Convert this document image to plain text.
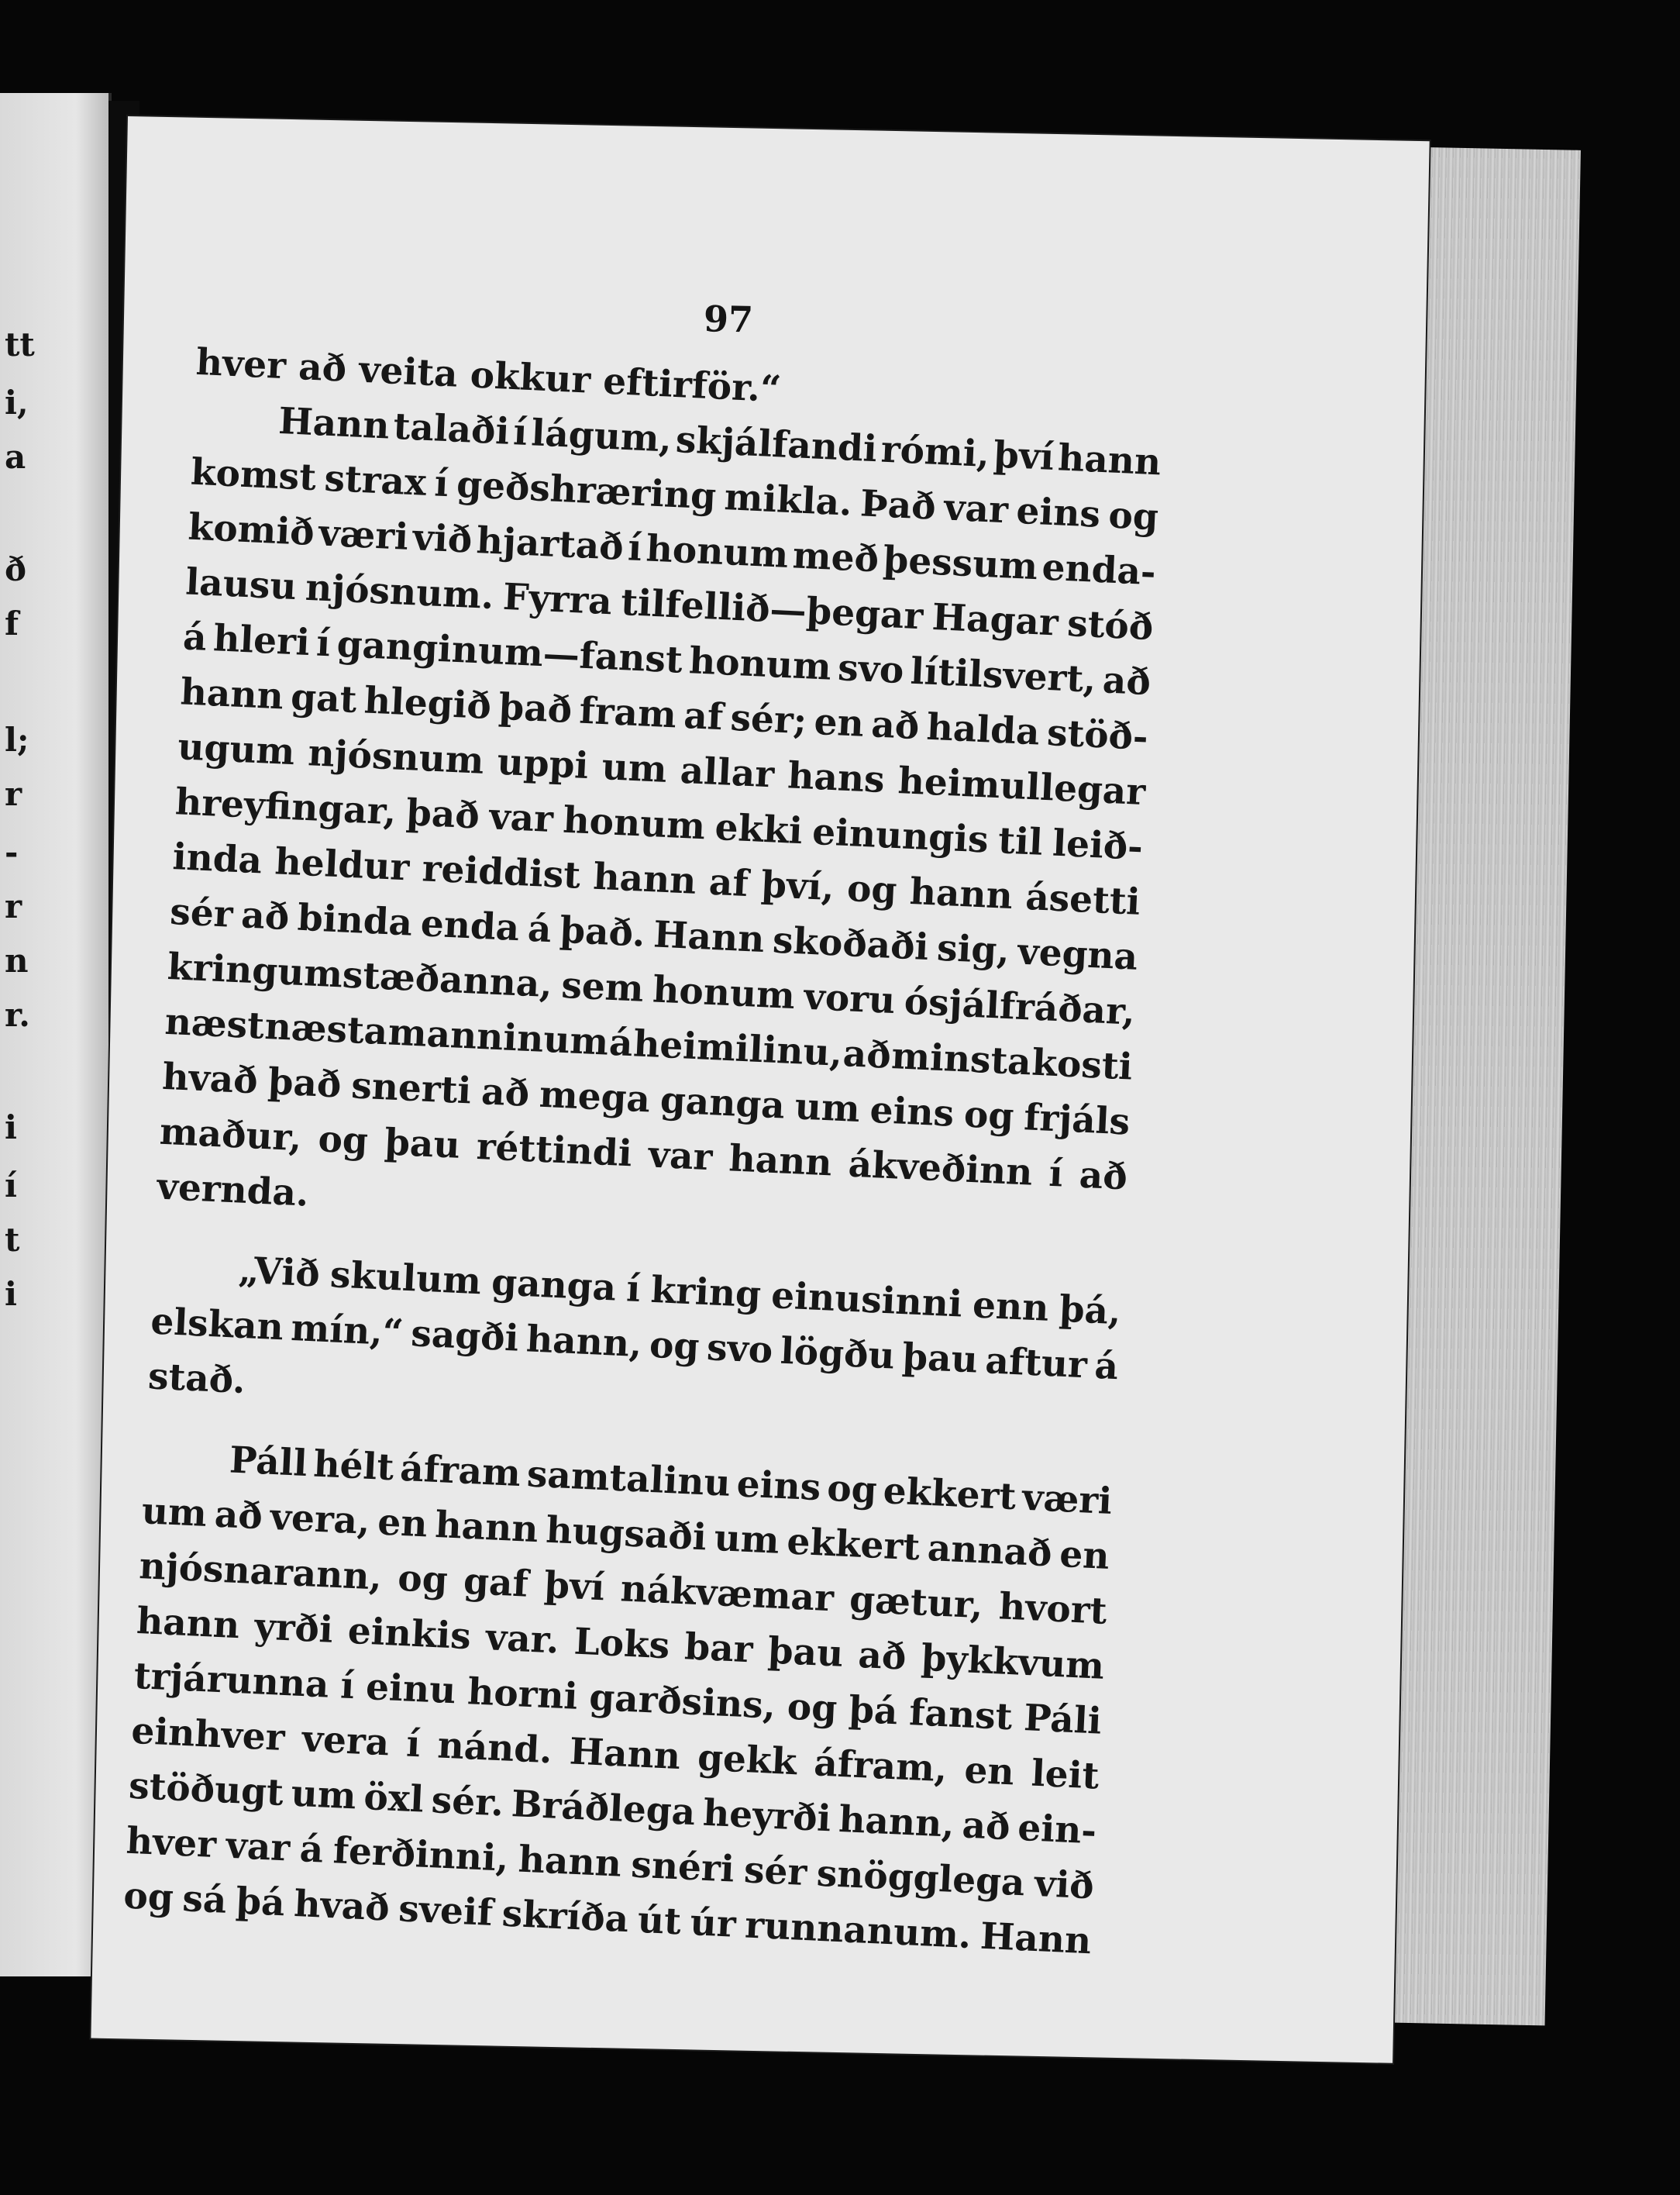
tt
i,
a
ð
f
l;
r
-
r
n
r.
i
í
t
i
97
hver að veita okkur eftirför.“
Hann talaði í lágum, skjálfandi rómi, því hann
komst strax í geðshræring mikla. Það var eins og
komið væri við hjartað í honum með þessum enda-
lausu njósnum. Fyrra tilfellið—þegar Hagar stóð
á hleri í ganginum—fanst honum svo lítilsvert, að
hann gat hlegið það fram af sér; en að halda stöð-
ugum njósnum uppi um allar hans heimullegar
hreyfingar, það var honum ekki einungis til leið-
inda heldur reiddist hann af því, og hann ásetti
sér að binda enda á það. Hann skoðaði sig, vegna
kringumstæðanna, sem honum voru ósjálfráðar,
næst
næsta
manninum
á
heimilinu,
að
minsta
kosti
hvað það snerti að mega ganga um eins og frjáls
maður, og þau réttindi var hann ákveðinn í að
vernda.
„Við skulum ganga í kring einusinni enn þá,
elskan mín,“ sagði hann, og svo lögðu þau aftur á
stað.
Páll hélt áfram samtalinu eins og ekkert væri
um að vera, en hann hugsaði um ekkert annað en
njósnarann, og gaf því nákvæmar gætur, hvort
hann yrði einkis var. Loks bar þau að þykkvum
trjárunna í einu horni garðsins, og þá fanst Páli
einhver vera í nánd. Hann gekk áfram, en leit
stöðugt um öxl sér. Bráðlega heyrði hann, að ein-
hver var á ferðinni, hann snéri sér snögglega við
og sá þá hvað sveif skríða út úr runnanum. Hann
